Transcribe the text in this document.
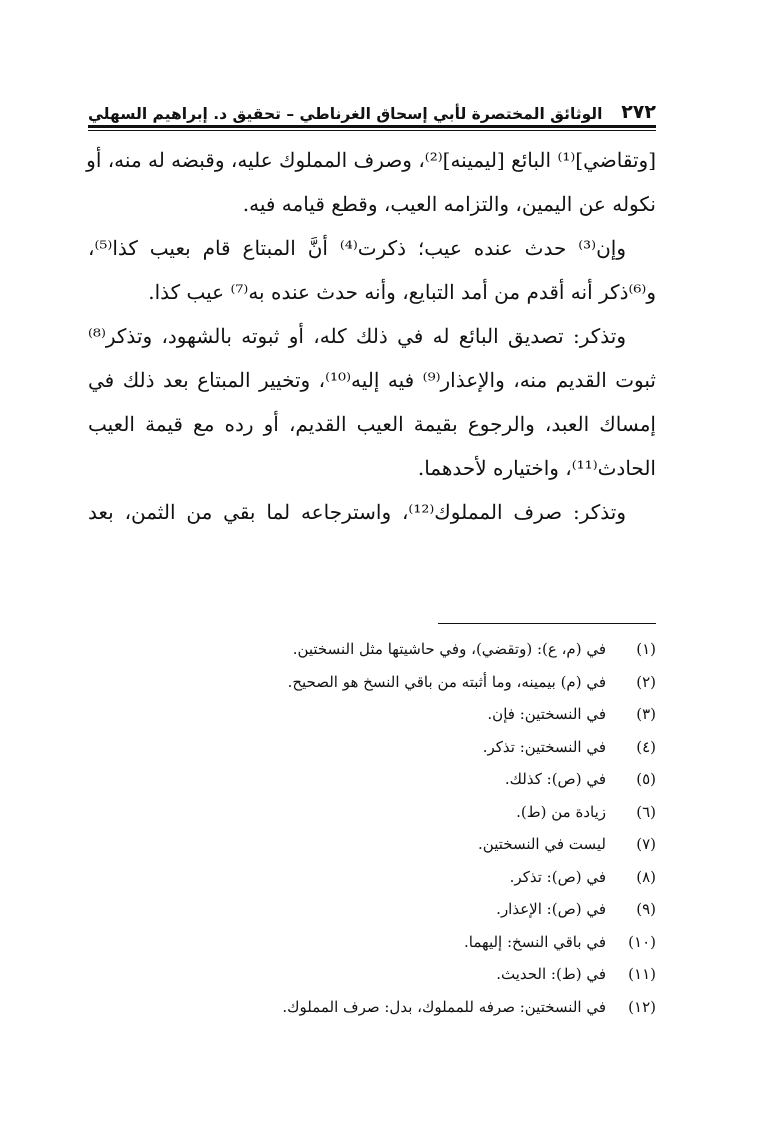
٢٧٢
الوثائق المختصرة لأبي إسحاق الغرناطي – تحقيق د. إبراهيم السهلي
[وتقاضي]⁽¹⁾ البائع [ليمينه]⁽²⁾، وصرف المملوك عليه، وقبضه له منه، أو
نكوله عن اليمين، والتزامه العيب، وقطع قيامه فيه.
وإن⁽³⁾ حدث عنده عيب؛ ذكرت⁽⁴⁾ أنَّ المبتاع قام بعيب كذا⁽⁵⁾،
و⁽⁶⁾ذكر أنه أقدم من أمد التبايع، وأنه حدث عنده به⁽⁷⁾ عيب كذا.
وتذكر: تصديق البائع له في ذلك كله، أو ثبوته بالشهود، وتذكر⁽⁸⁾
ثبوت القديم منه، والإعذار⁽⁹⁾ فيه إليه⁽¹⁰⁾، وتخيير المبتاع بعد ذلك في
إمساك العبد، والرجوع بقيمة العيب القديم، أو رده مع قيمة العيب
الحادث⁽¹¹⁾، واختياره لأحدهما.
وتذكر: صرف المملوك⁽¹²⁾، واسترجاعه لما بقي من الثمن، بعد
(١)
في (م، ع): (وتقضي)، وفي حاشيتها مثل النسختين.
(٢)
في (م) بيمينه، وما أثبته من باقي النسخ هو الصحيح.
(٣)
في النسختين: فإن.
(٤)
في النسختين: تذكر.
(٥)
في (ص): كذلك.
(٦)
زيادة من (ط).
(٧)
ليست في النسختين.
(٨)
في (ص): تذكر.
(٩)
في (ص): الإعذار.
(١٠)
في باقي النسخ: إليهما.
(١١)
في (ط): الحديث.
(١٢)
في النسختين: صرفه للمملوك، بدل: صرف المملوك.
